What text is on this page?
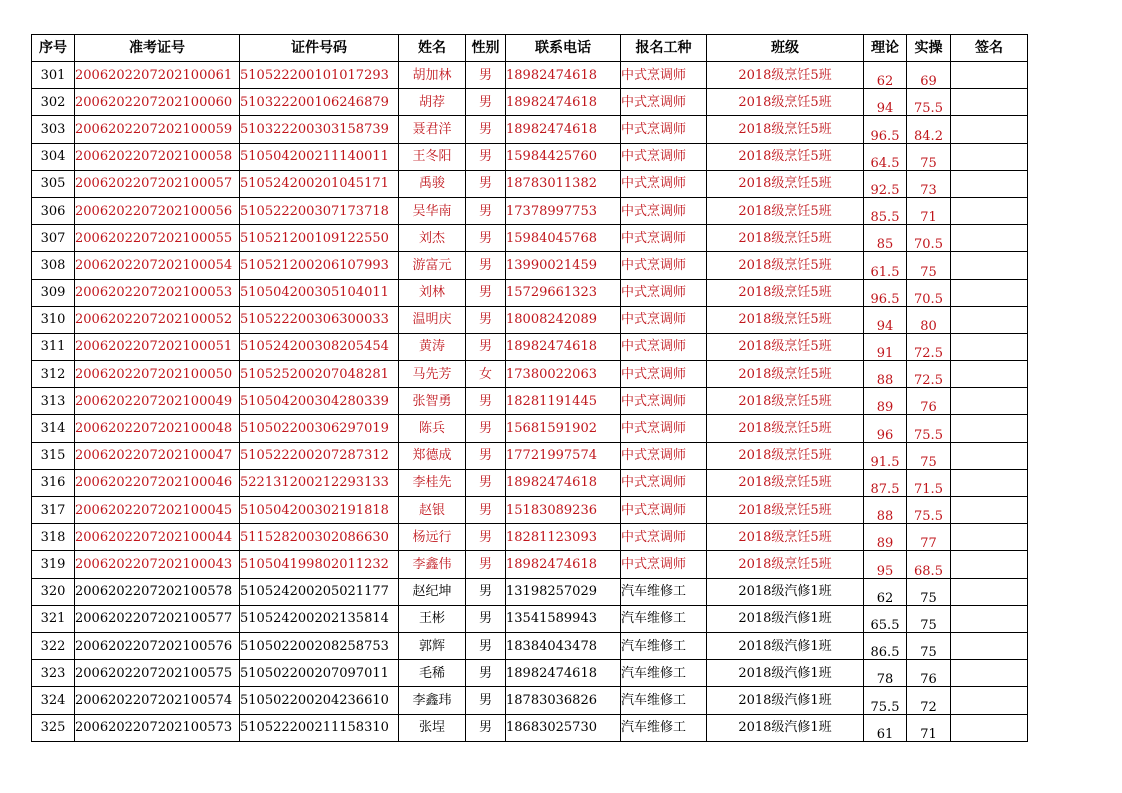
序号	准考证号	证件号码	姓名	性别	联系电话	报名工种	班级	理论	实操	签名
301	2006202207202100061	510522200101017293	胡加林	男	18982474618	中式烹调师	2018级烹饪5班	62	69	
302	2006202207202100060	510322200106246879	胡荐	男	18982474618	中式烹调师	2018级烹饪5班	94	75.5	
303	2006202207202100059	510322200303158739	聂君洋	男	18982474618	中式烹调师	2018级烹饪5班	96.5	84.2	
304	2006202207202100058	510504200211140011	王冬阳	男	15984425760	中式烹调师	2018级烹饪5班	64.5	75	
305	2006202207202100057	510524200201045171	禹骏	男	18783011382	中式烹调师	2018级烹饪5班	92.5	73	
306	2006202207202100056	510522200307173718	吴华南	男	17378997753	中式烹调师	2018级烹饪5班	85.5	71	
307	2006202207202100055	510521200109122550	刘杰	男	15984045768	中式烹调师	2018级烹饪5班	85	70.5	
308	2006202207202100054	510521200206107993	游富元	男	13990021459	中式烹调师	2018级烹饪5班	61.5	75	
309	2006202207202100053	510504200305104011	刘林	男	15729661323	中式烹调师	2018级烹饪5班	96.5	70.5	
310	2006202207202100052	510522200306300033	温明庆	男	18008242089	中式烹调师	2018级烹饪5班	94	80	
311	2006202207202100051	510524200308205454	黄涛	男	18982474618	中式烹调师	2018级烹饪5班	91	72.5	
312	2006202207202100050	510525200207048281	马先芳	女	17380022063	中式烹调师	2018级烹饪5班	88	72.5	
313	2006202207202100049	510504200304280339	张智勇	男	18281191445	中式烹调师	2018级烹饪5班	89	76	
314	2006202207202100048	510502200306297019	陈兵	男	15681591902	中式烹调师	2018级烹饪5班	96	75.5	
315	2006202207202100047	510522200207287312	郑德成	男	17721997574	中式烹调师	2018级烹饪5班	91.5	75	
316	2006202207202100046	522131200212293133	李桂先	男	18982474618	中式烹调师	2018级烹饪5班	87.5	71.5	
317	2006202207202100045	510504200302191818	赵银	男	15183089236	中式烹调师	2018级烹饪5班	88	75.5	
318	2006202207202100044	511528200302086630	杨远行	男	18281123093	中式烹调师	2018级烹饪5班	89	77	
319	2006202207202100043	510504199802011232	李鑫伟	男	18982474618	中式烹调师	2018级烹饪5班	95	68.5	
320	2006202207202100578	510524200205021177	赵纪坤	男	13198257029	汽车维修工	2018级汽修1班	62	75	
321	2006202207202100577	510524200202135814	王彬	男	13541589943	汽车维修工	2018级汽修1班	65.5	75	
322	2006202207202100576	510502200208258753	郭辉	男	18384043478	汽车维修工	2018级汽修1班	86.5	75	
323	2006202207202100575	510502200207097011	毛稀	男	18982474618	汽车维修工	2018级汽修1班	78	76	
324	2006202207202100574	510502200204236610	李鑫玮	男	18783036826	汽车维修工	2018级汽修1班	75.5	72	
325	2006202207202100573	510522200211158310	张埕	男	18683025730	汽车维修工	2018级汽修1班	61	71	
